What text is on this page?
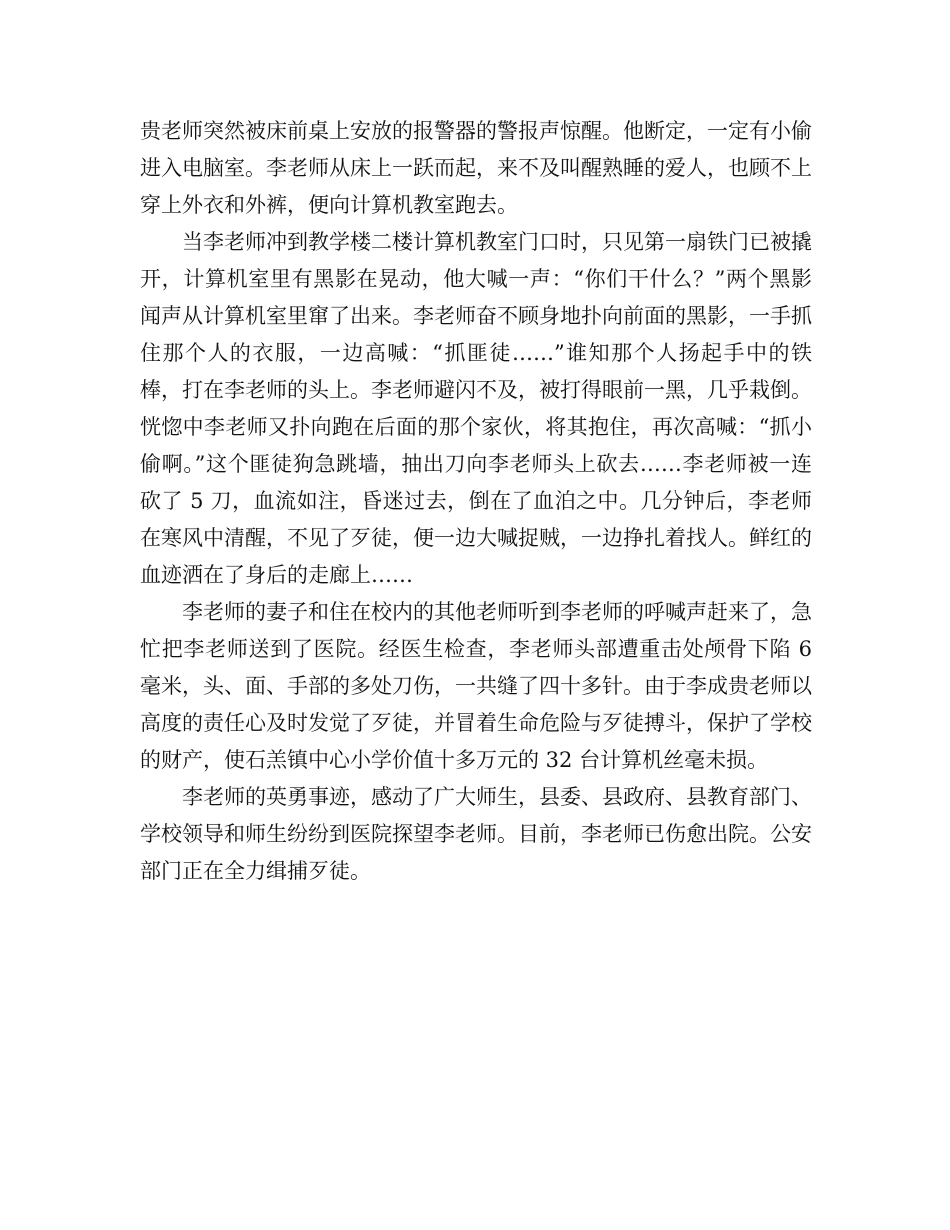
贵老师突然被床前桌上安放的报警器的警报声惊醒。他断定，一定有小偷进入电脑室。李老师从床上一跃而起，来不及叫醒熟睡的爱人，也顾不上穿上外衣和外裤，便向计算机教室跑去。

当李老师冲到教学楼二楼计算机教室门口时，只见第一扇铁门已被撬开，计算机室里有黑影在晃动，他大喊一声：“你们干什么？”两个黑影闻声从计算机室里窜了出来。李老师奋不顾身地扑向前面的黑影，一手抓住那个人的衣服，一边高喊：“抓匪徒……”谁知那个人扬起手中的铁棒，打在李老师的头上。李老师避闪不及，被打得眼前一黑，几乎栽倒。恍惚中李老师又扑向跑在后面的那个家伙，将其抱住，再次高喊：“抓小偷啊。”这个匪徒狗急跳墙，抽出刀向李老师头上砍去……李老师被一连砍了 5 刀，血流如注，昏迷过去，倒在了血泊之中。几分钟后，李老师在寒风中清醒，不见了歹徒，便一边大喊捉贼，一边挣扎着找人。鲜红的血迹洒在了身后的走廊上……

李老师的妻子和住在校内的其他老师听到李老师的呼喊声赶来了，急忙把李老师送到了医院。经医生检查，李老师头部遭重击处颅骨下陷 6 毫米，头、面、手部的多处刀伤，一共缝了四十多针。由于李成贵老师以高度的责任心及时发觉了歹徒，并冒着生命危险与歹徒搏斗，保护了学校的财产，使石羔镇中心小学价值十多万元的 32 台计算机丝毫未损。

李老师的英勇事迹，感动了广大师生，县委、县政府、县教育部门、学校领导和师生纷纷到医院探望李老师。目前，李老师已伤愈出院。公安部门正在全力缉捕歹徒。
